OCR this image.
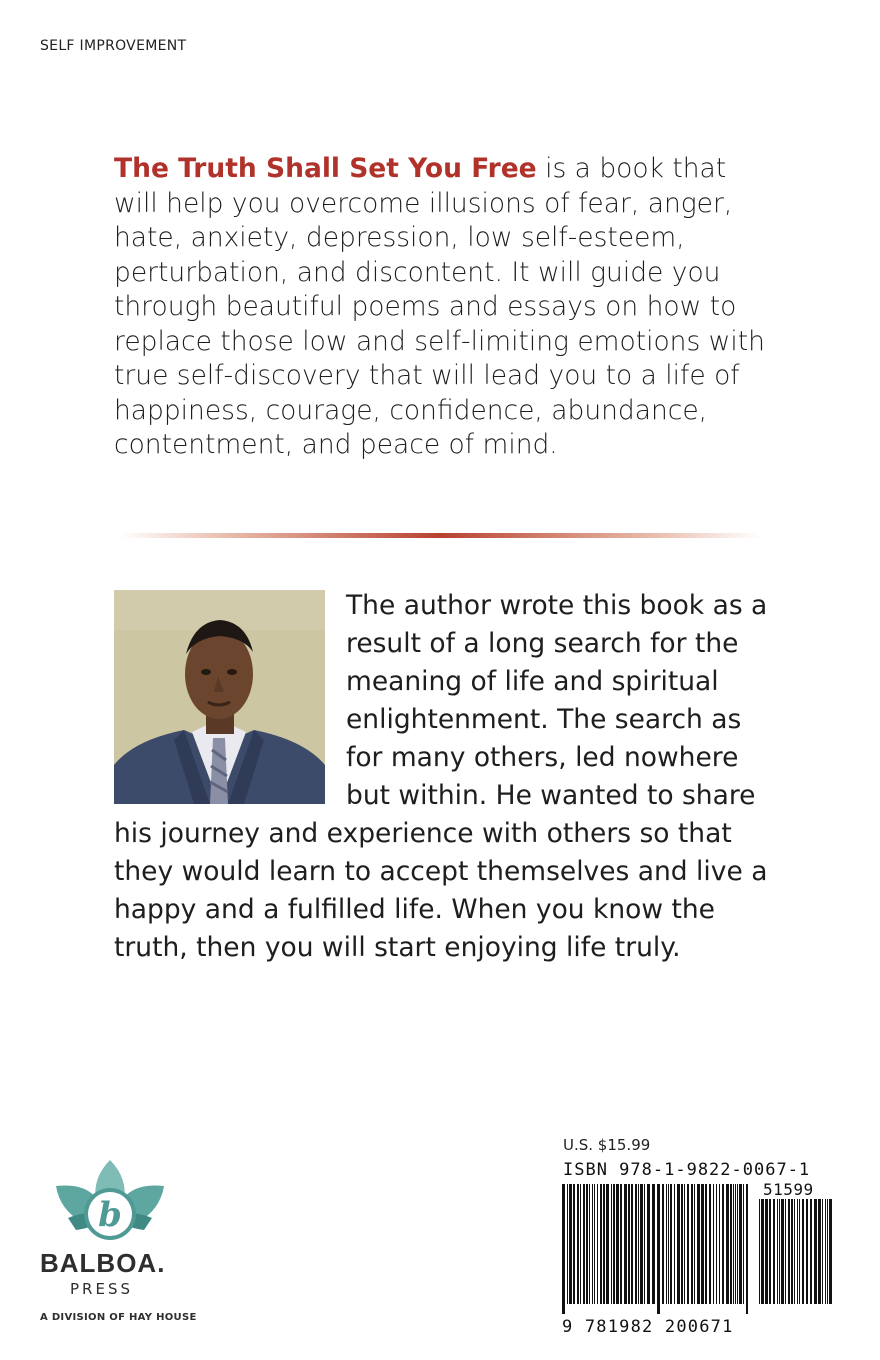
SELF IMPROVEMENT
The Truth Shall Set You Free is a book that will help you overcome illusions of fear, anger, hate, anxiety, depression, low self-esteem, perturbation, and discontent. It will guide you through beautiful poems and essays on how to replace those low and self-limiting emotions with true self-discovery that will lead you to a life of happiness, courage, confidence, abundance, contentment, and peace of mind.
The author wrote this book as a result of a long search for the meaning of life and spiritual enlightenment. The search as for many others, led nowhere but within. He wanted to share his journey and experience with others so that they would learn to accept themselves and live a happy and a fulfilled life. When you know the truth, then you will start enjoying life truly.
U.S. $15.99
ISBN 978-1-9822-0067-1
51599
9 781982 200671
b
BALBOA.
PRESS
A DIVISION OF HAY HOUSE
